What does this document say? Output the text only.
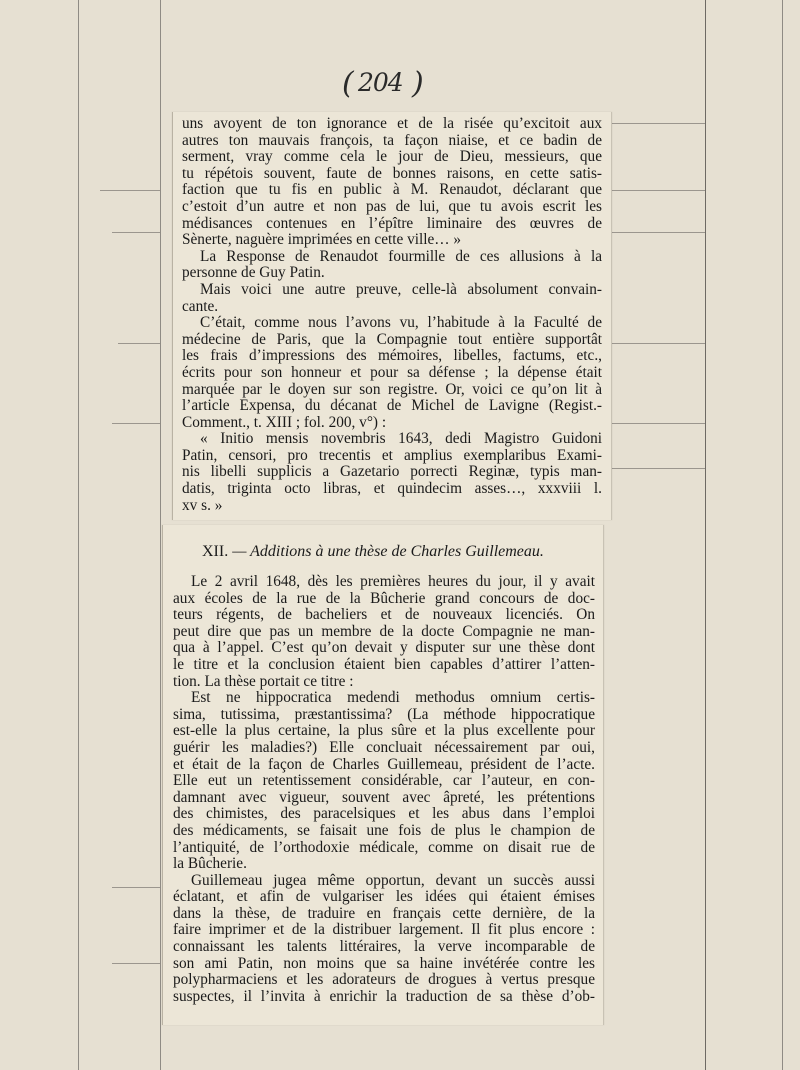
( 204 )
uns avoyent de ton ignorance et de la risée qu’excitoit aux
autres ton mauvais françois, ta façon niaise, et ce badin de
serment, vray comme cela le jour de Dieu, messieurs, que
tu répétois souvent, faute de bonnes raisons, en cette satis-
faction que tu fis en public à M. Renaudot, déclarant que
c’estoit d’un autre et non pas de lui, que tu avois escrit les
médisances contenues en l’épître liminaire des œuvres de
Sènerte, naguère imprimées en cette ville… »
La Response de Renaudot fourmille de ces allusions à la
personne de Guy Patin.
Mais voici une autre preuve, celle-là absolument convain-
cante.
C’était, comme nous l’avons vu, l’habitude à la Faculté de
médecine de Paris, que la Compagnie tout entière supportât
les frais d’impressions des mémoires, libelles, factums, etc.,
écrits pour son honneur et pour sa défense ; la dépense était
marquée par le doyen sur son registre. Or, voici ce qu’on lit à
l’article Expensa, du décanat de Michel de Lavigne (Regist.-
Comment., t. XIII ; fol. 200, v°) :
« Initio mensis novembris 1643, dedi Magistro Guidoni
Patin, censori, pro trecentis et amplius exemplaribus Exami-
nis libelli supplicis a Gazetario porrecti Reginæ, typis man-
datis, triginta octo libras, et quindecim asses…, xxxviii l.
xv s. »
XII. — Additions à une thèse de Charles Guillemeau.
Le 2 avril 1648, dès les premières heures du jour, il y avait
aux écoles de la rue de la Bûcherie grand concours de doc-
teurs régents, de bacheliers et de nouveaux licenciés. On
peut dire que pas un membre de la docte Compagnie ne man-
qua à l’appel. C’est qu’on devait y disputer sur une thèse dont
le titre et la conclusion étaient bien capables d’attirer l’atten-
tion. La thèse portait ce titre :
Est ne hippocratica medendi methodus omnium certis-
sima, tutissima, præstantissima? (La méthode hippocratique
est-elle la plus certaine, la plus sûre et la plus excellente pour
guérir les maladies?) Elle concluait nécessairement par oui,
et était de la façon de Charles Guillemeau, président de l’acte.
Elle eut un retentissement considérable, car l’auteur, en con-
damnant avec vigueur, souvent avec âpreté, les prétentions
des chimistes, des paracelsiques et les abus dans l’emploi
des médicaments, se faisait une fois de plus le champion de
l’antiquité, de l’orthodoxie médicale, comme on disait rue de
la Bûcherie.
Guillemeau jugea même opportun, devant un succès aussi
éclatant, et afin de vulgariser les idées qui étaient émises
dans la thèse, de traduire en français cette dernière, de la
faire imprimer et de la distribuer largement. Il fit plus encore :
connaissant les talents littéraires, la verve incomparable de
son ami Patin, non moins que sa haine invétérée contre les
polypharmaciens et les adorateurs de drogues à vertus presque
suspectes, il l’invita à enrichir la traduction de sa thèse d’ob-
